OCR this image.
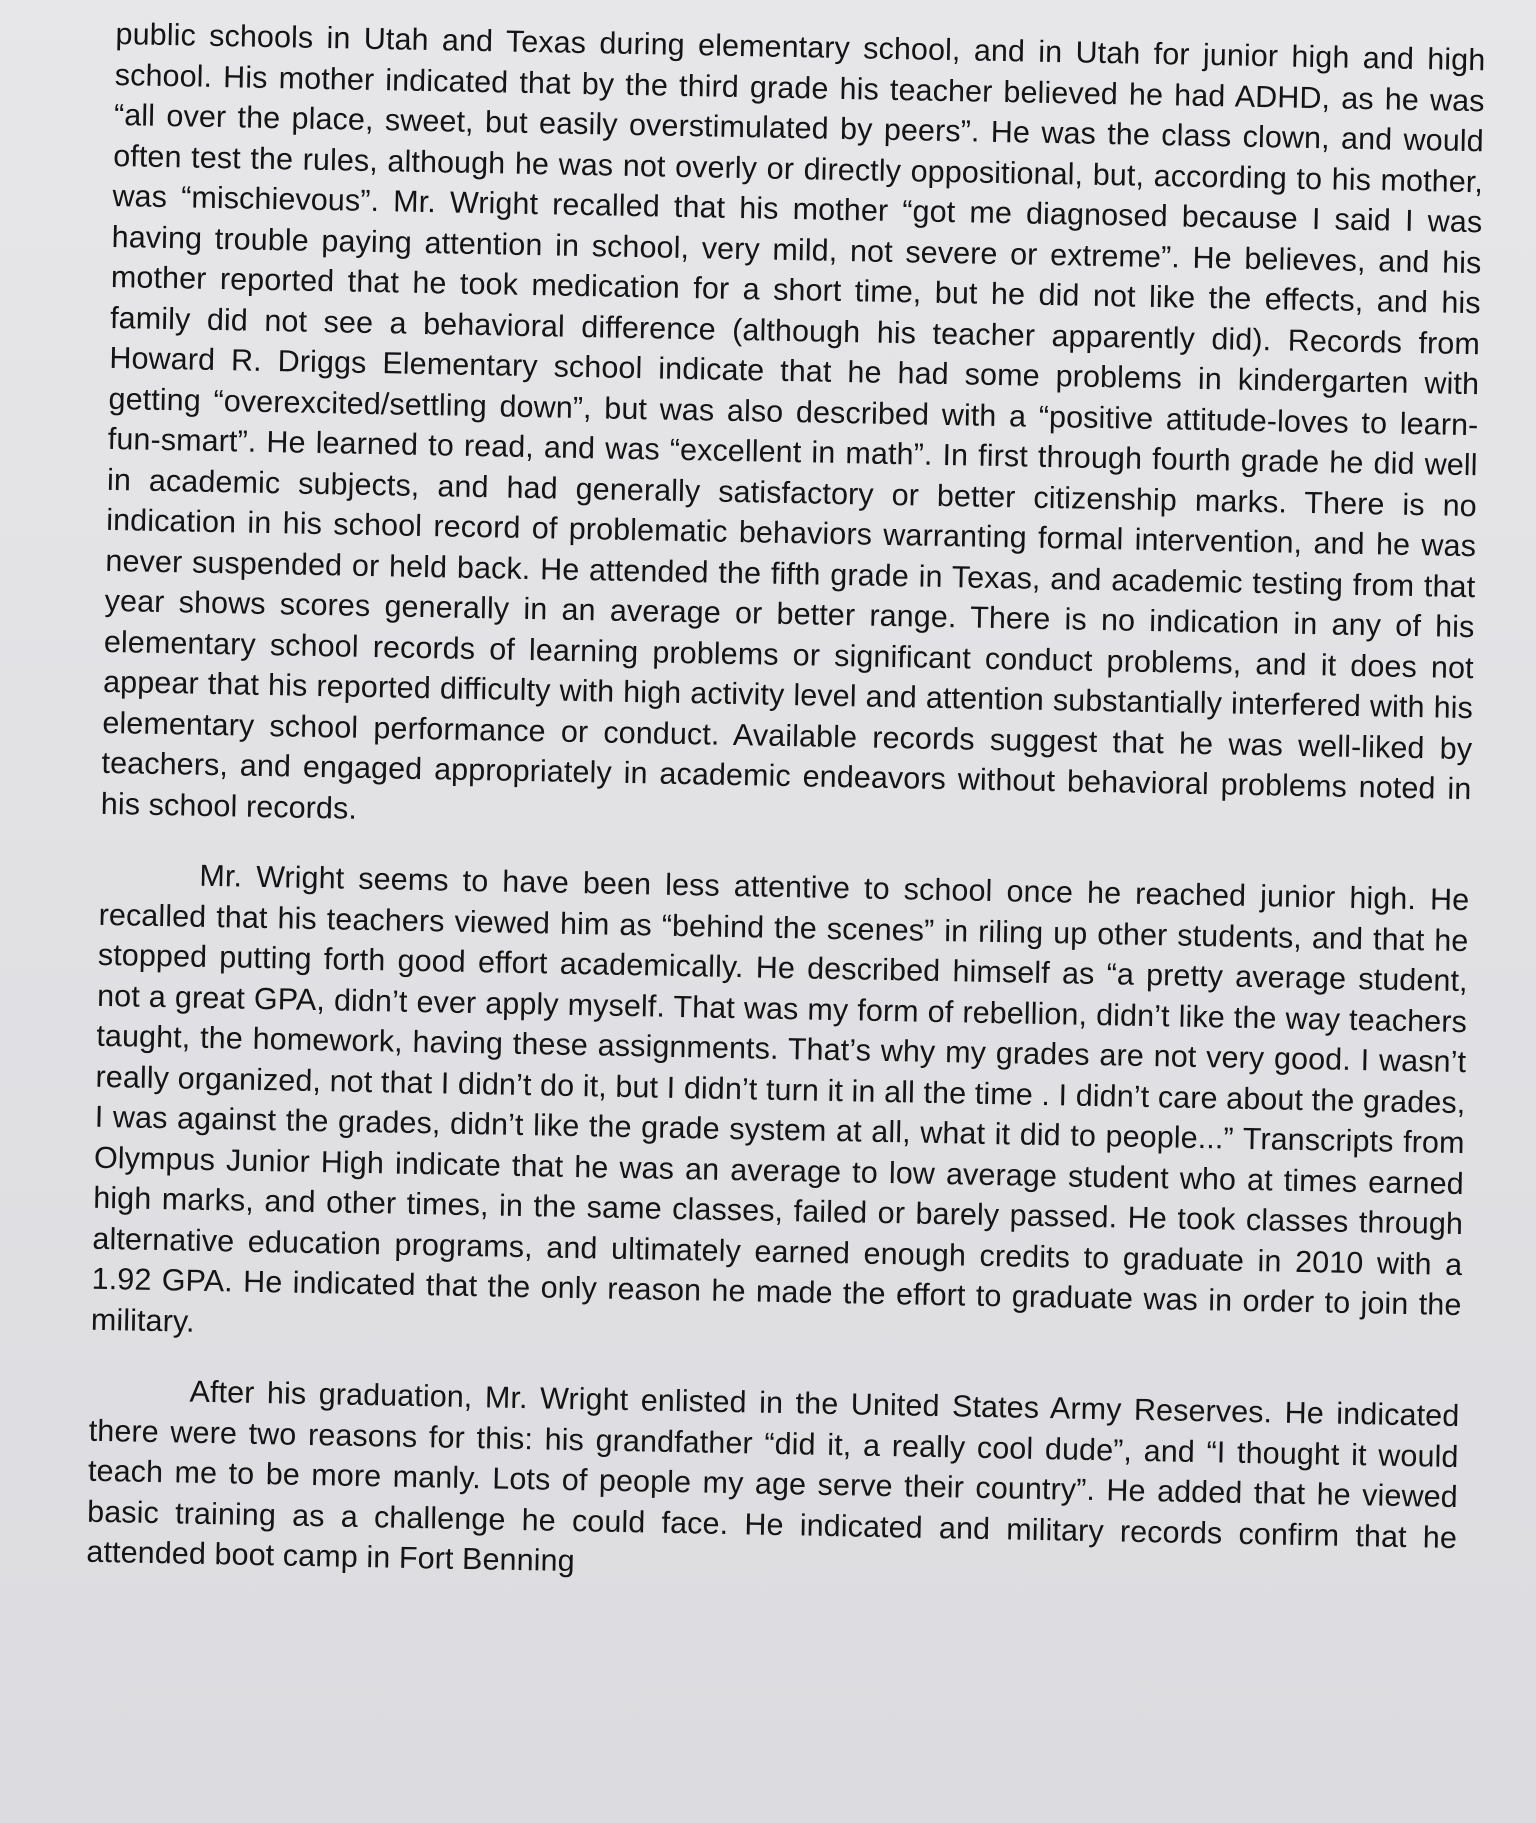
public schools in Utah and Texas during elementary school, and in Utah for junior high and high school. His mother indicated that by the third grade his teacher believed he had ADHD, as he was “all over the place, sweet, but easily overstimulated by peers”. He was the class clown, and would often test the rules, although he was not overly or directly oppositional, but, according to his mother, was “mischievous”. Mr. Wright recalled that his mother “got me diagnosed because I said I was having trouble paying attention in school, very mild, not severe or extreme”. He believes, and his mother reported that he took medication for a short time, but he did not like the effects, and his family did not see a behavioral difference (although his teacher apparently did). Records from Howard R. Driggs Elementary school indicate that he had some problems in kindergarten with getting “overexcited/settling down”, but was also described with a “positive attitude-loves to learn-fun-smart”. He learned to read, and was “excellent in math”. In first through fourth grade he did well in academic subjects, and had generally satisfactory or better citizenship marks. There is no indication in his school record of problematic behaviors warranting formal intervention, and he was never suspended or held back. He attended the fifth grade in Texas, and academic testing from that year shows scores generally in an average or better range. There is no indication in any of his elementary school records of learning problems or significant conduct problems, and it does not appear that his reported difficulty with high activity level and attention substantially interfered with his elementary school performance or conduct. Available records suggest that he was well-liked by teachers, and engaged appropriately in academic endeavors without behavioral problems noted in his school records.

Mr. Wright seems to have been less attentive to school once he reached junior high. He recalled that his teachers viewed him as “behind the scenes” in riling up other students, and that he stopped putting forth good effort academically. He described himself as “a pretty average student, not a great GPA, didn’t ever apply myself. That was my form of rebellion, didn’t like the way teachers taught, the homework, having these assignments. That’s why my grades are not very good. I wasn’t really organized, not that I didn’t do it, but I didn’t turn it in all the time . I didn’t care about the grades, I was against the grades, didn’t like the grade system at all, what it did to people...” Transcripts from Olympus Junior High indicate that he was an average to low average student who at times earned high marks, and other times, in the same classes, failed or barely passed. He took classes through alternative education programs, and ultimately earned enough credits to graduate in 2010 with a 1.92 GPA. He indicated that the only reason he made the effort to graduate was in order to join the military.

After his graduation, Mr. Wright enlisted in the United States Army Reserves. He indicated there were two reasons for this: his grandfather “did it, a really cool dude”, and “I thought it would teach me to be more manly. Lots of people my age serve their country”. He added that he viewed basic training as a challenge he could face. He indicated and military records confirm that he attended boot camp in Fort Benning
